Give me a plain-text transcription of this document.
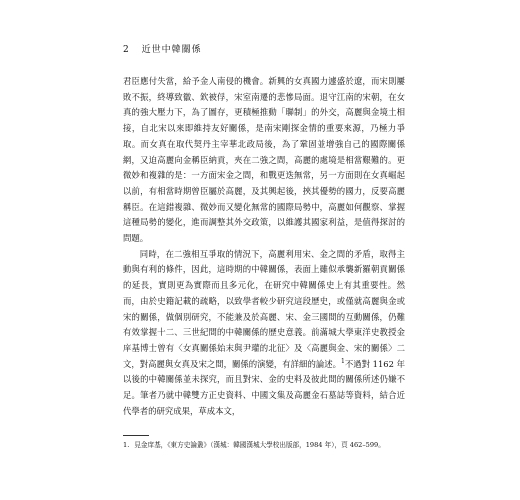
2 近世中韓關係

君臣應付失當，給予金人南侵的機會。新興的女真國力遽盛於遼，而宋則屢敗不振，終導致徽、欽被俘，宋室南遷的悲慘局面。退守江南的宋朝，在女真的強大壓力下，為了圖存，更積極推動「聯制」的外交，高麗與金境土相接，自北宋以來即維持友好關係，是南宋剛探金情的重要來源，乃極力爭取。而女真在取代契丹主宰華北政局後，為了鞏固並增強自己的國際關係網，又迫高麗向金稱臣納貢，夾在二強之間，高麗的處境是相當艱難的。更微妙和複雜的是：一方面宋金之間，和戰更迭無常，另一方面則在女真崛起以前，有相當時期曾臣屬於高麗，及其興起後，挾其優勢的國力，反要高麗稱臣。在這錯複雜、微妙而又變化無常的國際局勢中，高麗如何觀察、掌握這種局勢的變化，進而調整其外交政策，以維護其國家利益，是值得探討的問題。

同時，在二強相互爭取的情況下，高麗利用宋、金之間的矛盾，取得主動與有利的條件，因此，這時期的中韓關係，表面上雖似承襲新羅朝貢關係的延長，實則更為實際而且多元化，在研究中韓關係史上有其重要性。然而，由於史籍記載的疏略，以致學者較少研究這段歷史，或僅就高麗與金或宋的關係，做個別研究，不能兼及於高麗、宋、金三國間的互動關係，仍難有效掌握十二、三世紀間的中韓關係的歷史意義。前滿城大學東洋史教授金庠基博士曾有〈女真關係始末與尹瓘的北征〉及〈高麗與金、宋的關係〉二文，對高麗與女真及宋之間，關係的演變，有詳細的論述。$^1$不過對 1162 年以後的中韓關係並未探究，而且對宋、金的史料及彼此間的關係所述仍嫌不足。筆者乃就中韓雙方正史資料、中國文集及高麗金石墓誌等資料，結合近代學者的研究成果，草成本文，

1. 見金庠基，《東方史論叢》（漢城：韓國漢城大學校出版部，1984 年），頁 462–599。
